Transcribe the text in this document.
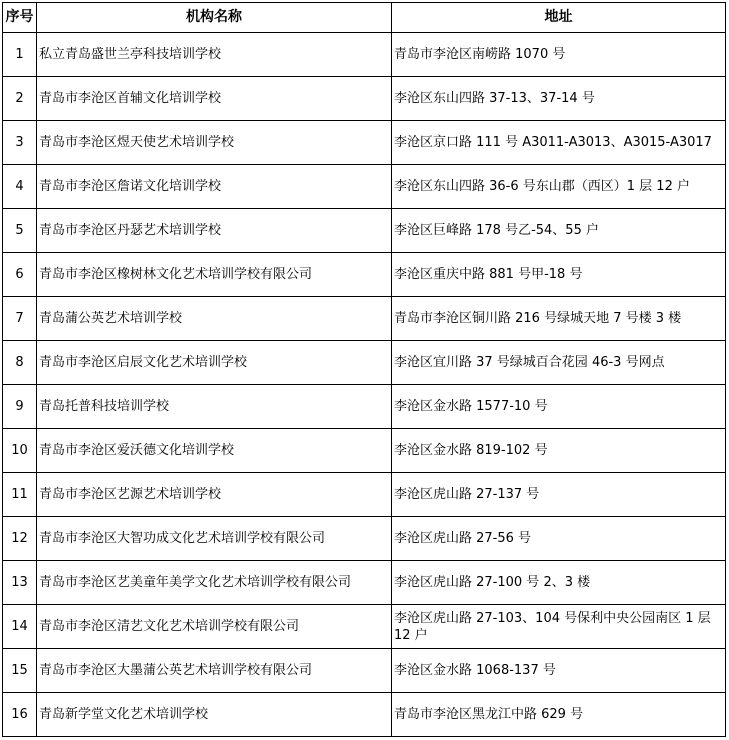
序号	机构名称	地址
1	私立青岛盛世兰亭科技培训学校	青岛市李沧区南崂路 1070 号
2	青岛市李沧区首辅文化培训学校	李沧区东山四路 37-13、37-14 号
3	青岛市李沧区煜天使艺术培训学校	李沧区京口路 111 号 A3011-A3013、A3015-A3017
4	青岛市李沧区詹诺文化培训学校	李沧区东山四路 36-6 号东山郡（西区）1 层 12 户
5	青岛市李沧区丹瑟艺术培训学校	李沧区巨峰路 178 号乙-54、55 户
6	青岛市李沧区橡树林文化艺术培训学校有限公司	李沧区重庆中路 881 号甲-18 号
7	青岛蒲公英艺术培训学校	青岛市李沧区铜川路 216 号绿城天地 7 号楼 3 楼
8	青岛市李沧区启辰文化艺术培训学校	李沧区宜川路 37 号绿城百合花园 46-3 号网点
9	青岛托普科技培训学校	李沧区金水路 1577-10 号
10	青岛市李沧区爱沃德文化培训学校	李沧区金水路 819-102 号
11	青岛市李沧区艺源艺术培训学校	李沧区虎山路 27-137 号
12	青岛市李沧区大智功成文化艺术培训学校有限公司	李沧区虎山路 27-56 号
13	青岛市李沧区艺美童年美学文化艺术培训学校有限公司	李沧区虎山路 27-100 号 2、3 楼
14	青岛市李沧区清艺文化艺术培训学校有限公司	李沧区虎山路 27-103、104 号保利中央公园南区 1 层 12 户
15	青岛市李沧区大墨蒲公英艺术培训学校有限公司	李沧区金水路 1068-137 号
16	青岛新学堂文化艺术培训学校	青岛市李沧区黑龙江中路 629 号
